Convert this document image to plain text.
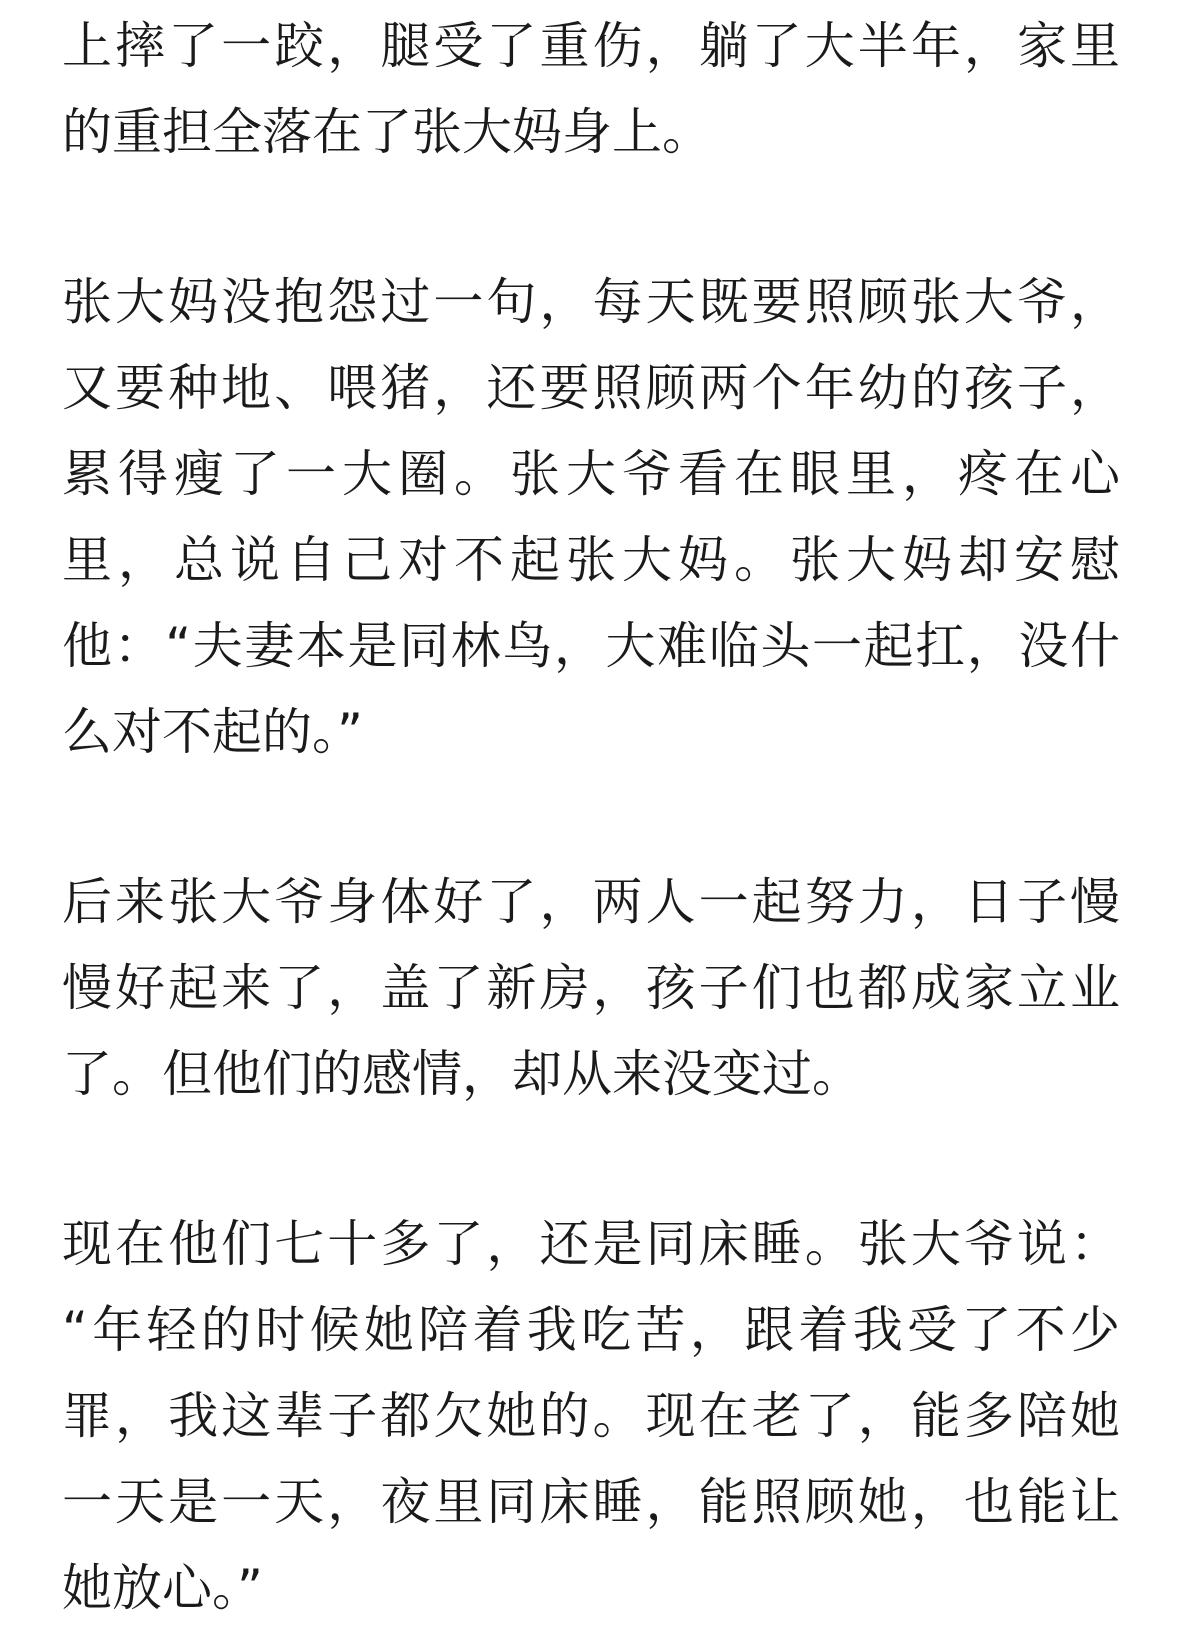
上摔了一跤，腿受了重伤，躺了大半年，家里
的重担全落在了张大妈身上。
张大妈没抱怨过一句，每天既要照顾张大爷，
又要种地、喂猪，还要照顾两个年幼的孩子，
累得瘦了一大圈。张大爷看在眼里，疼在心
里，总说自己对不起张大妈。张大妈却安慰
他：“夫妻本是同林鸟，大难临头一起扛，没什
么对不起的。”
后来张大爷身体好了，两人一起努力，日子慢
慢好起来了，盖了新房，孩子们也都成家立业
了。但他们的感情，却从来没变过。
现在他们七十多了，还是同床睡。张大爷说：
“年轻的时候她陪着我吃苦，跟着我受了不少
罪，我这辈子都欠她的。现在老了，能多陪她
一天是一天，夜里同床睡，能照顾她，也能让
她放心。”
